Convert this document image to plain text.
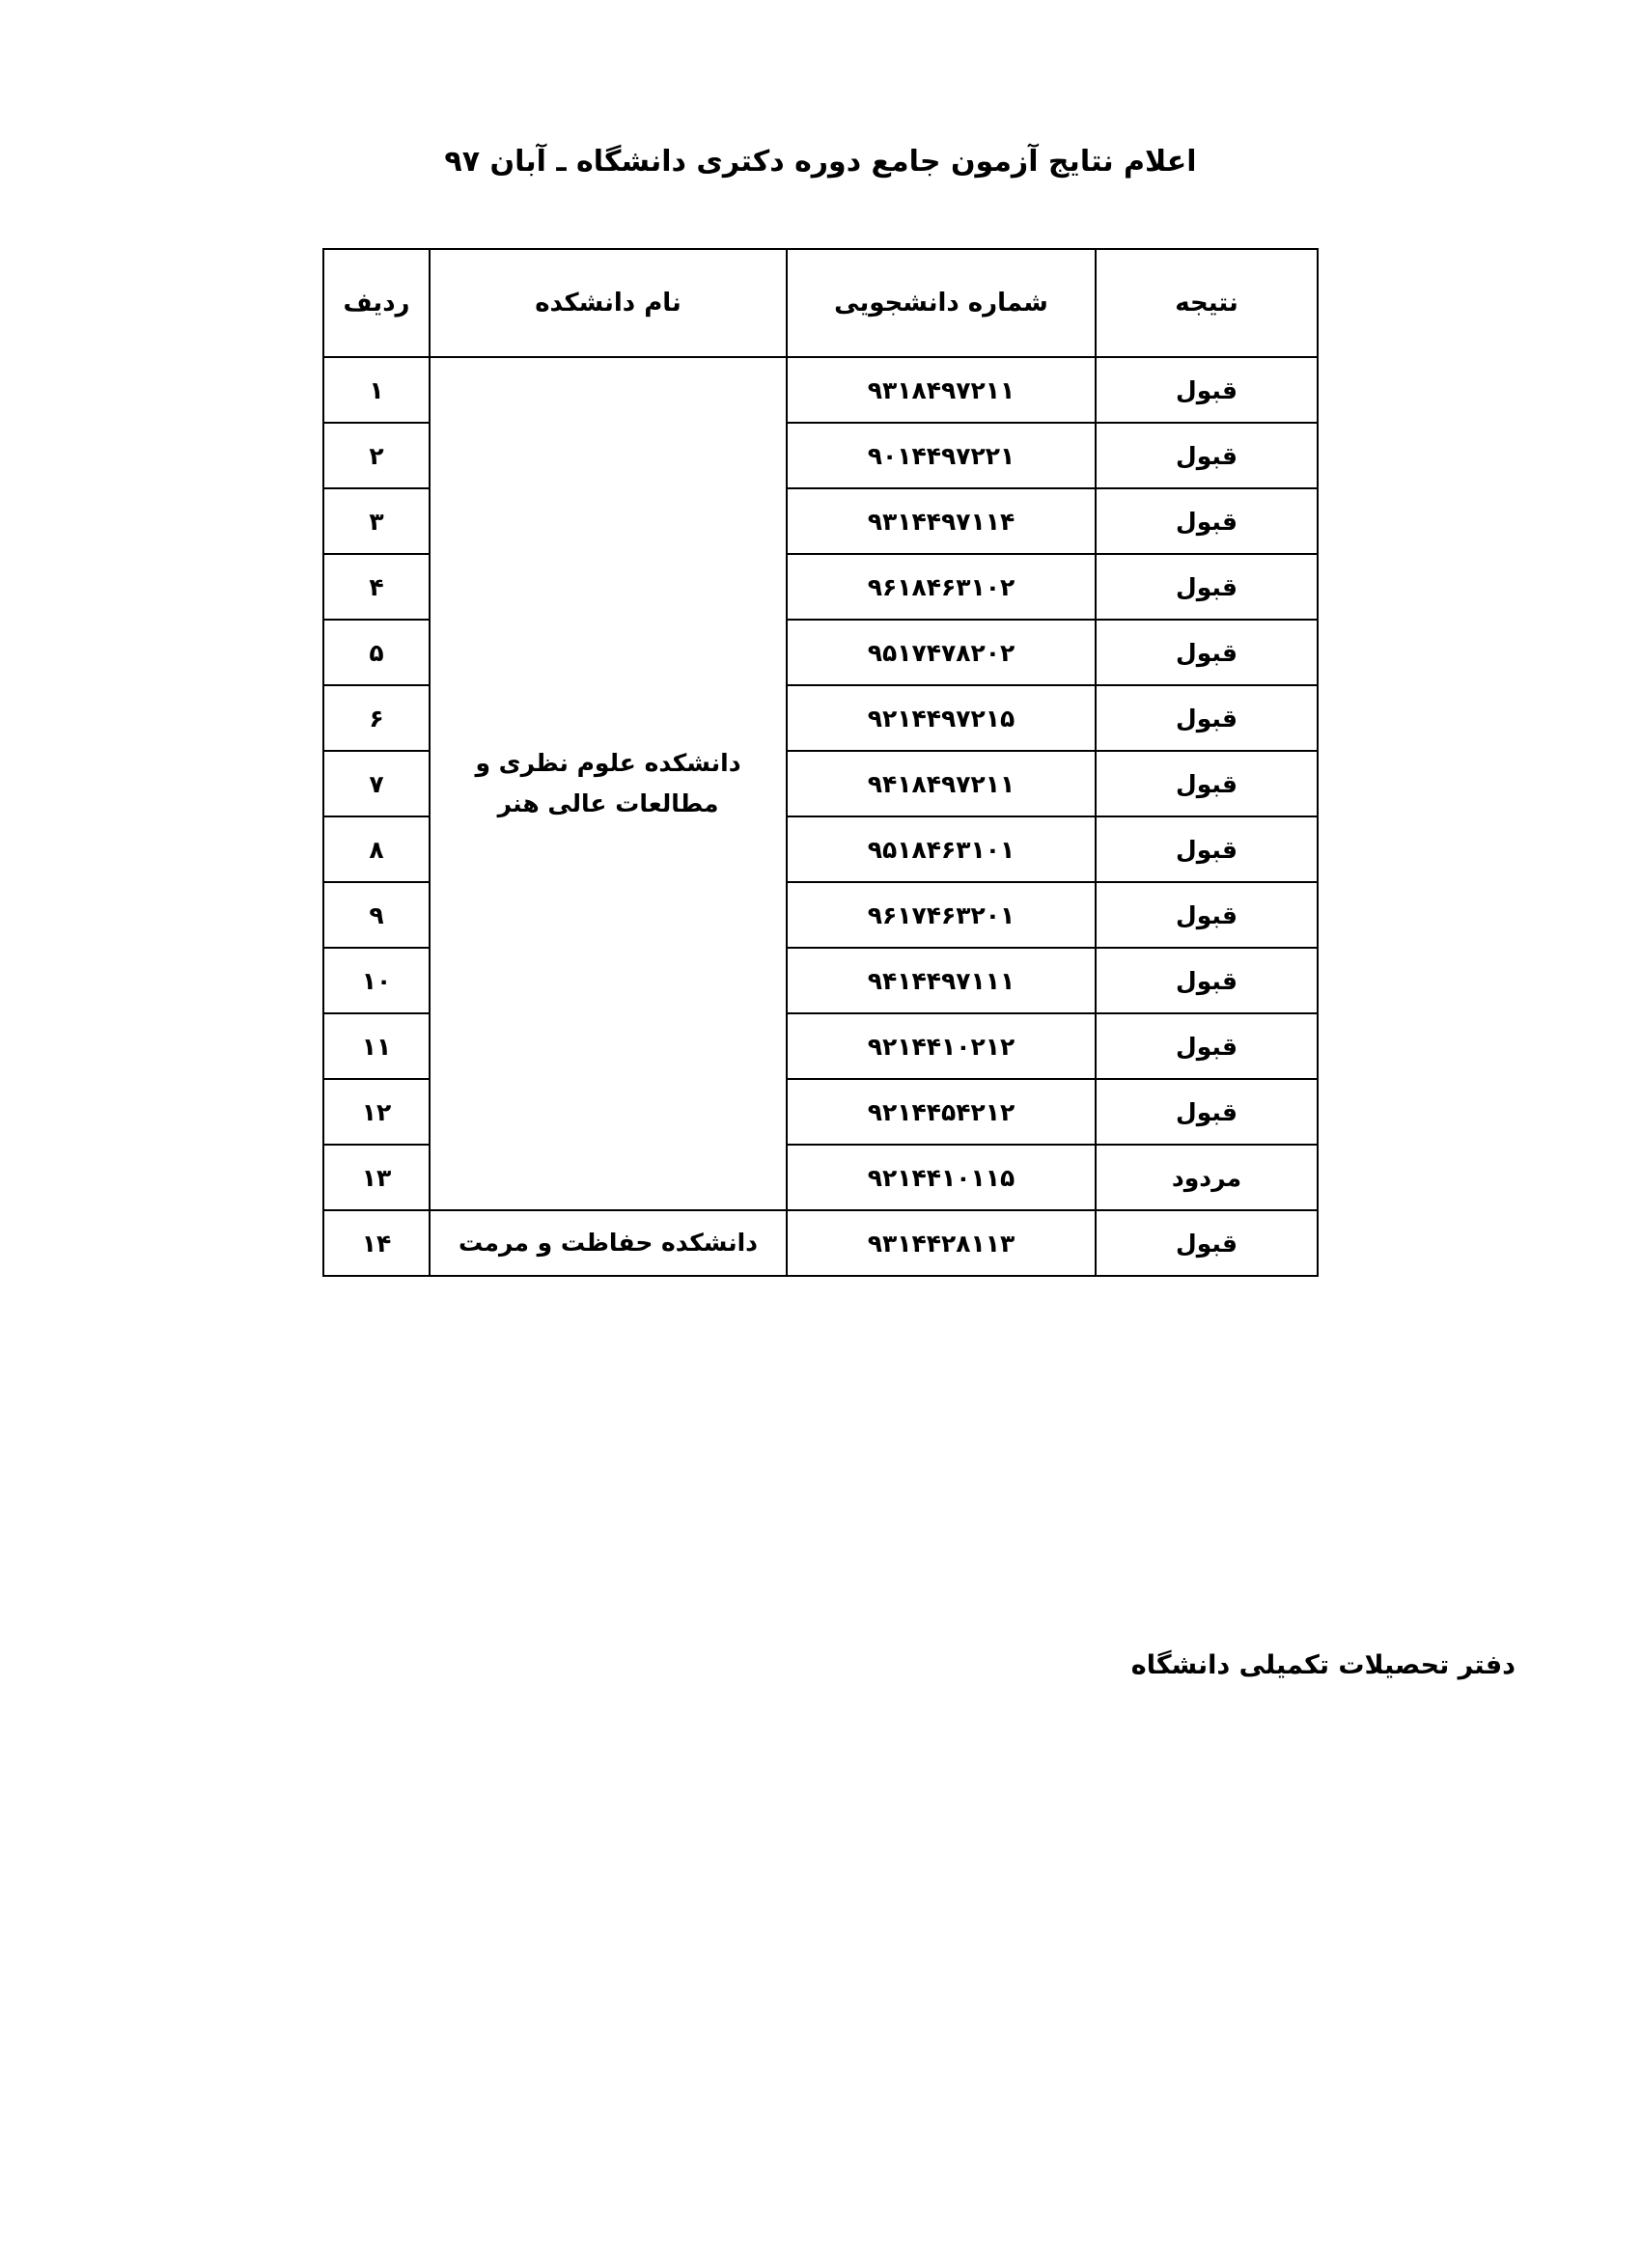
اعلام نتایج آزمون جامع دوره دکتری دانشگاه ـ آبان ۹۷
نتیجه	شماره دانشجویی	نام دانشکده	ردیف
قبول	۹۳۱۸۴۹۷۲۱۱	دانشکده علوم نظری و مطالعات عالی هنر	۱
قبول	۹۰۱۴۴۹۷۲۲۱		۲
قبول	۹۳۱۴۴۹۷۱۱۴		۳
قبول	۹۶۱۸۴۶۳۱۰۲		۴
قبول	۹۵۱۷۴۷۸۲۰۲		۵
قبول	۹۲۱۴۴۹۷۲۱۵		۶
قبول	۹۴۱۸۴۹۷۲۱۱		۷
قبول	۹۵۱۸۴۶۳۱۰۱		۸
قبول	۹۶۱۷۴۶۳۲۰۱		۹
قبول	۹۴۱۴۴۹۷۱۱۱		۱۰
قبول	۹۲۱۴۴۱۰۲۱۲		۱۱
قبول	۹۲۱۴۴۵۴۲۱۲		۱۲
مردود	۹۲۱۴۴۱۰۱۱۵		۱۳
قبول	۹۳۱۴۴۲۸۱۱۳	دانشکده حفاظت و مرمت	۱۴
دفتر تحصیلات تکمیلی دانشگاه
